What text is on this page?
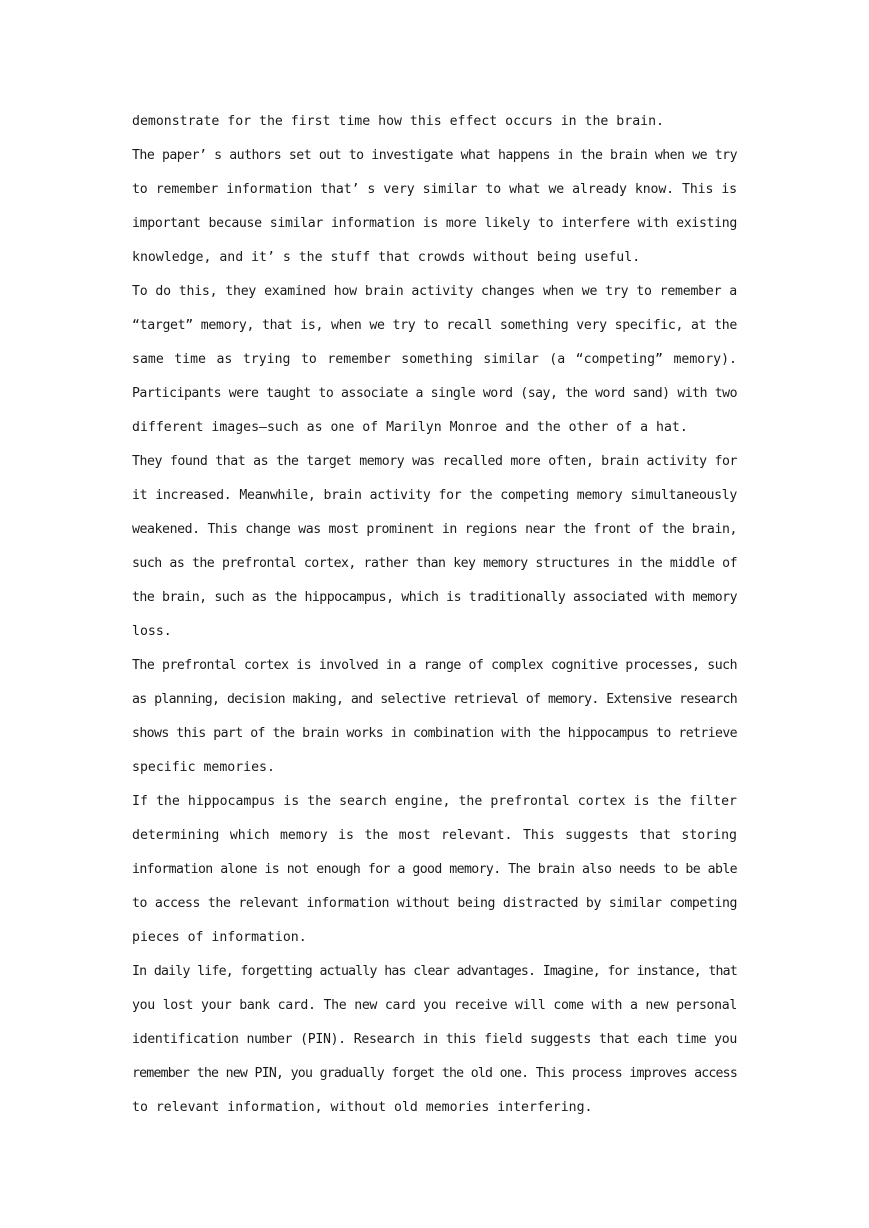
demonstrate for the first time how this effect occurs in the brain.
The paper’ s authors set out to investigate what happens in the brain when we try
to remember information that’ s very similar to what we already know. This is
important because similar information is more likely to interfere with existing
knowledge, and it’ s the stuff that crowds without being useful.
To do this, they examined how brain activity changes when we try to remember a
“target” memory, that is, when we try to recall something very specific, at the
same time as trying to remember something similar (a “competing” memory).
Participants were taught to associate a single word (say, the word sand) with two
different images—such as one of Marilyn Monroe and the other of a hat.
They found that as the target memory was recalled more often, brain activity for
it increased. Meanwhile, brain activity for the competing memory simultaneously
weakened. This change was most prominent in regions near the front of the brain,
such as the prefrontal cortex, rather than key memory structures in the middle of
the brain, such as the hippocampus, which is traditionally associated with memory
loss.
The prefrontal cortex is involved in a range of complex cognitive processes, such
as planning, decision making, and selective retrieval of memory. Extensive research
shows this part of the brain works in combination with the hippocampus to retrieve
specific memories.
If the hippocampus is the search engine, the prefrontal cortex is the filter
determining which memory is the most relevant. This suggests that storing
information alone is not enough for a good memory. The brain also needs to be able
to access the relevant information without being distracted by similar competing
pieces of information.
In daily life, forgetting actually has clear advantages. Imagine, for instance, that
you lost your bank card. The new card you receive will come with a new personal
identification number (PIN). Research in this field suggests that each time you
remember the new PIN, you gradually forget the old one. This process improves access
to relevant information, without old memories interfering.
